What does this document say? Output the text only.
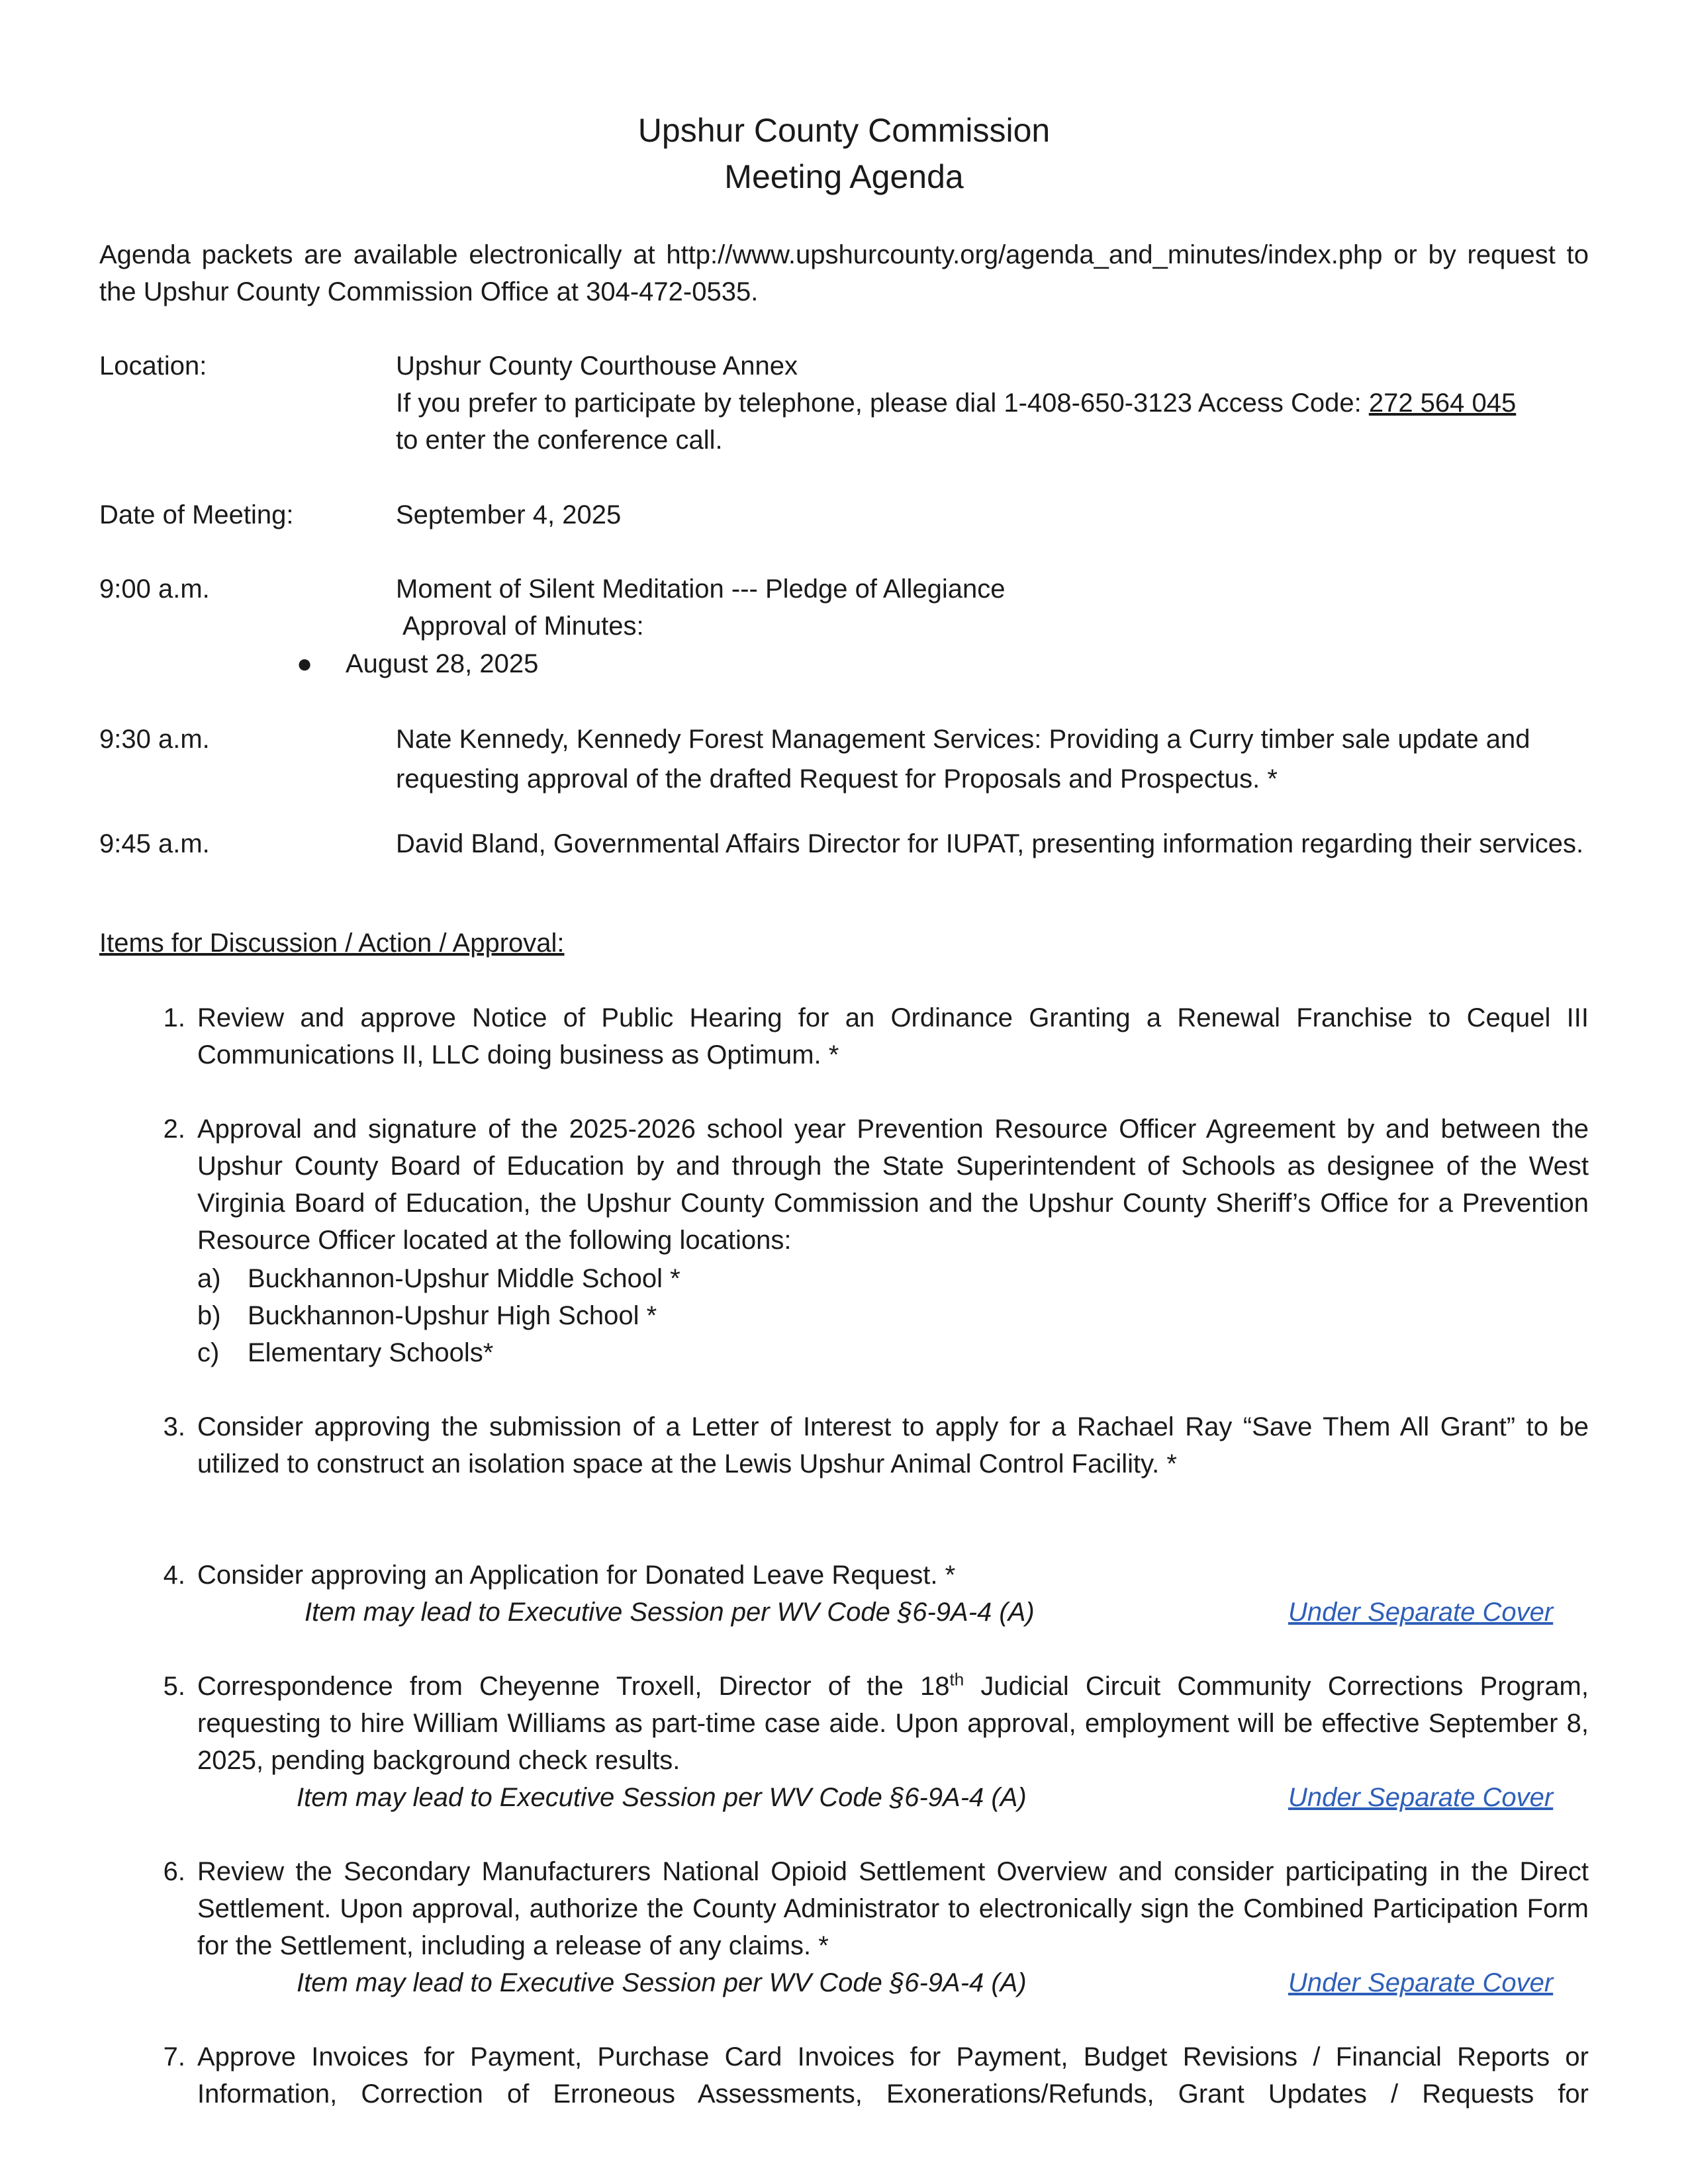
Upshur County Commission
Meeting Agenda
Agenda packets are available electronically at http://www.upshurcounty.org/agenda_and_minutes/index.php or by request to the Upshur County Commission Office at 304-472-0535.
Location:	Upshur County Courthouse Annex
If you prefer to participate by telephone, please dial 1-408-650-3123 Access Code: 272 564 045
to enter the conference call.
Date of Meeting:	September 4, 2025
9:00 a.m.	Moment of Silent Meditation --- Pledge of Allegiance
Approval of Minutes:
● August 28, 2025
9:30 a.m.	Nate Kennedy, Kennedy Forest Management Services: Providing a Curry timber sale update and requesting approval of the drafted Request for Proposals and Prospectus. *
9:45 a.m.	David Bland, Governmental Affairs Director for IUPAT, presenting information regarding their services.
Items for Discussion / Action / Approval:
1. Review and approve Notice of Public Hearing for an Ordinance Granting a Renewal Franchise to Cequel III Communications II, LLC doing business as Optimum. *
2. Approval and signature of the 2025-2026 school year Prevention Resource Officer Agreement by and between the Upshur County Board of Education by and through the State Superintendent of Schools as designee of the West Virginia Board of Education, the Upshur County Commission and the Upshur County Sheriff’s Office for a Prevention Resource Officer located at the following locations:
a) Buckhannon-Upshur Middle School *
b) Buckhannon-Upshur High School *
c) Elementary Schools*
3. Consider approving the submission of a Letter of Interest to apply for a Rachael Ray “Save Them All Grant” to be utilized to construct an isolation space at the Lewis Upshur Animal Control Facility. *
4. Consider approving an Application for Donated Leave Request. *
Item may lead to Executive Session per WV Code §6-9A-4 (A)	Under Separate Cover
5. Correspondence from Cheyenne Troxell, Director of the 18th Judicial Circuit Community Corrections Program, requesting to hire William Williams as part-time case aide. Upon approval, employment will be effective September 8, 2025, pending background check results.
Item may lead to Executive Session per WV Code §6-9A-4 (A)	Under Separate Cover
6. Review the Secondary Manufacturers National Opioid Settlement Overview and consider participating in the Direct Settlement. Upon approval, authorize the County Administrator to electronically sign the Combined Participation Form for the Settlement, including a release of any claims. *
Item may lead to Executive Session per WV Code §6-9A-4 (A)	Under Separate Cover
7. Approve Invoices for Payment, Purchase Card Invoices for Payment, Budget Revisions / Financial Reports or Information, Correction of Erroneous Assessments, Exonerations/Refunds, Grant Updates / Requests for
